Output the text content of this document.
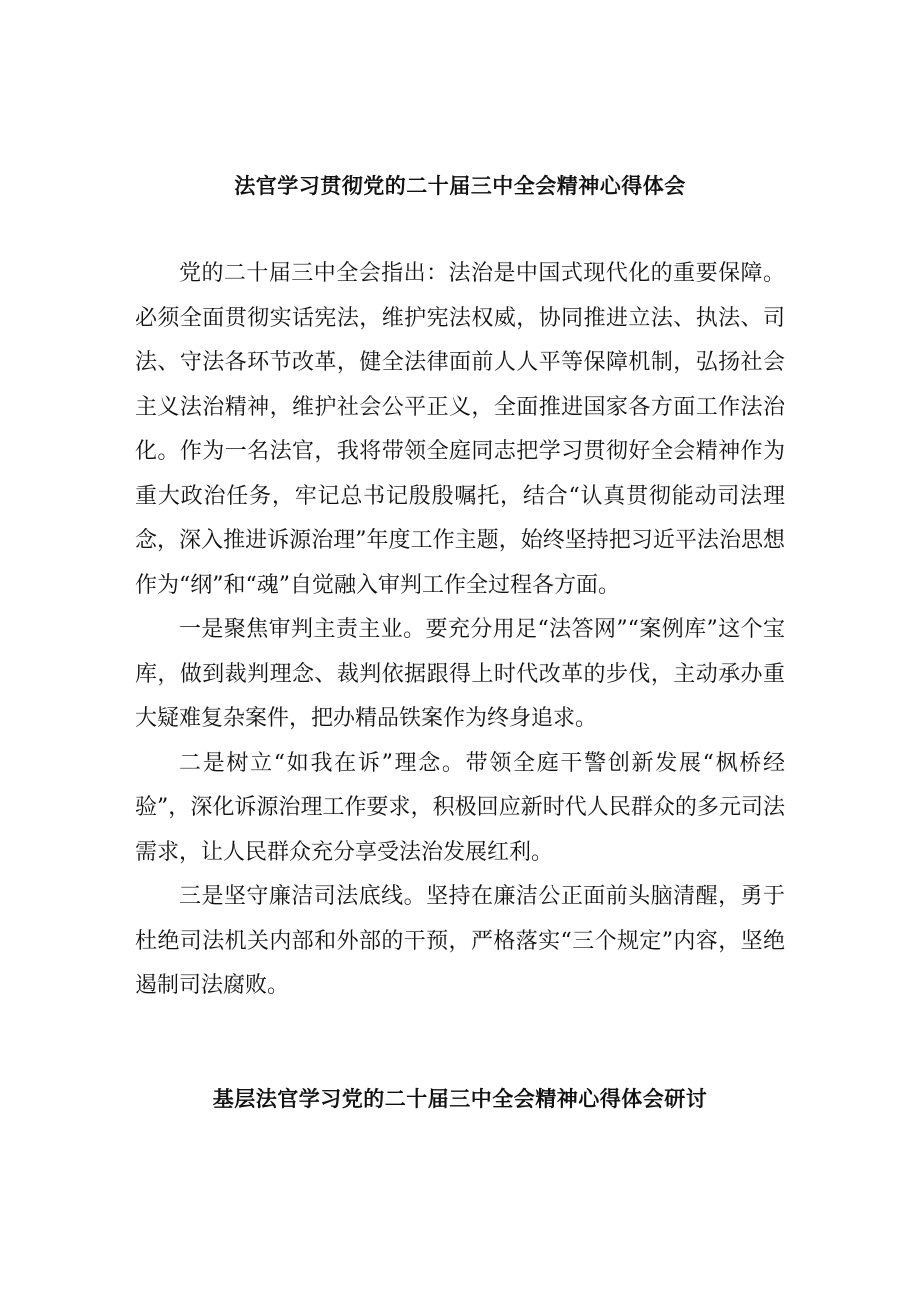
法官学习贯彻党的二十届三中全会精神心得体会

党的二十届三中全会指出：法治是中国式现代化的重要保障。必须全面贯彻实话宪法，维护宪法权威，协同推进立法、执法、司法、守法各环节改革，健全法律面前人人平等保障机制，弘扬社会主义法治精神，维护社会公平正义，全面推进国家各方面工作法治化。作为一名法官，我将带领全庭同志把学习贯彻好全会精神作为重大政治任务，牢记总书记殷殷嘱托，结合“认真贯彻能动司法理念，深入推进诉源治理”年度工作主题，始终坚持把习近平法治思想作为“纲”和“魂”自觉融入审判工作全过程各方面。

一是聚焦审判主责主业。要充分用足“法答网”“案例库”这个宝库，做到裁判理念、裁判依据跟得上时代改革的步伐，主动承办重大疑难复杂案件，把办精品铁案作为终身追求。

二是树立“如我在诉”理念。带领全庭干警创新发展“枫桥经验”，深化诉源治理工作要求，积极回应新时代人民群众的多元司法需求，让人民群众充分享受法治发展红利。

三是坚守廉洁司法底线。坚持在廉洁公正面前头脑清醒，勇于杜绝司法机关内部和外部的干预，严格落实“三个规定”内容，坚绝遏制司法腐败。

基层法官学习党的二十届三中全会精神心得体会研讨
